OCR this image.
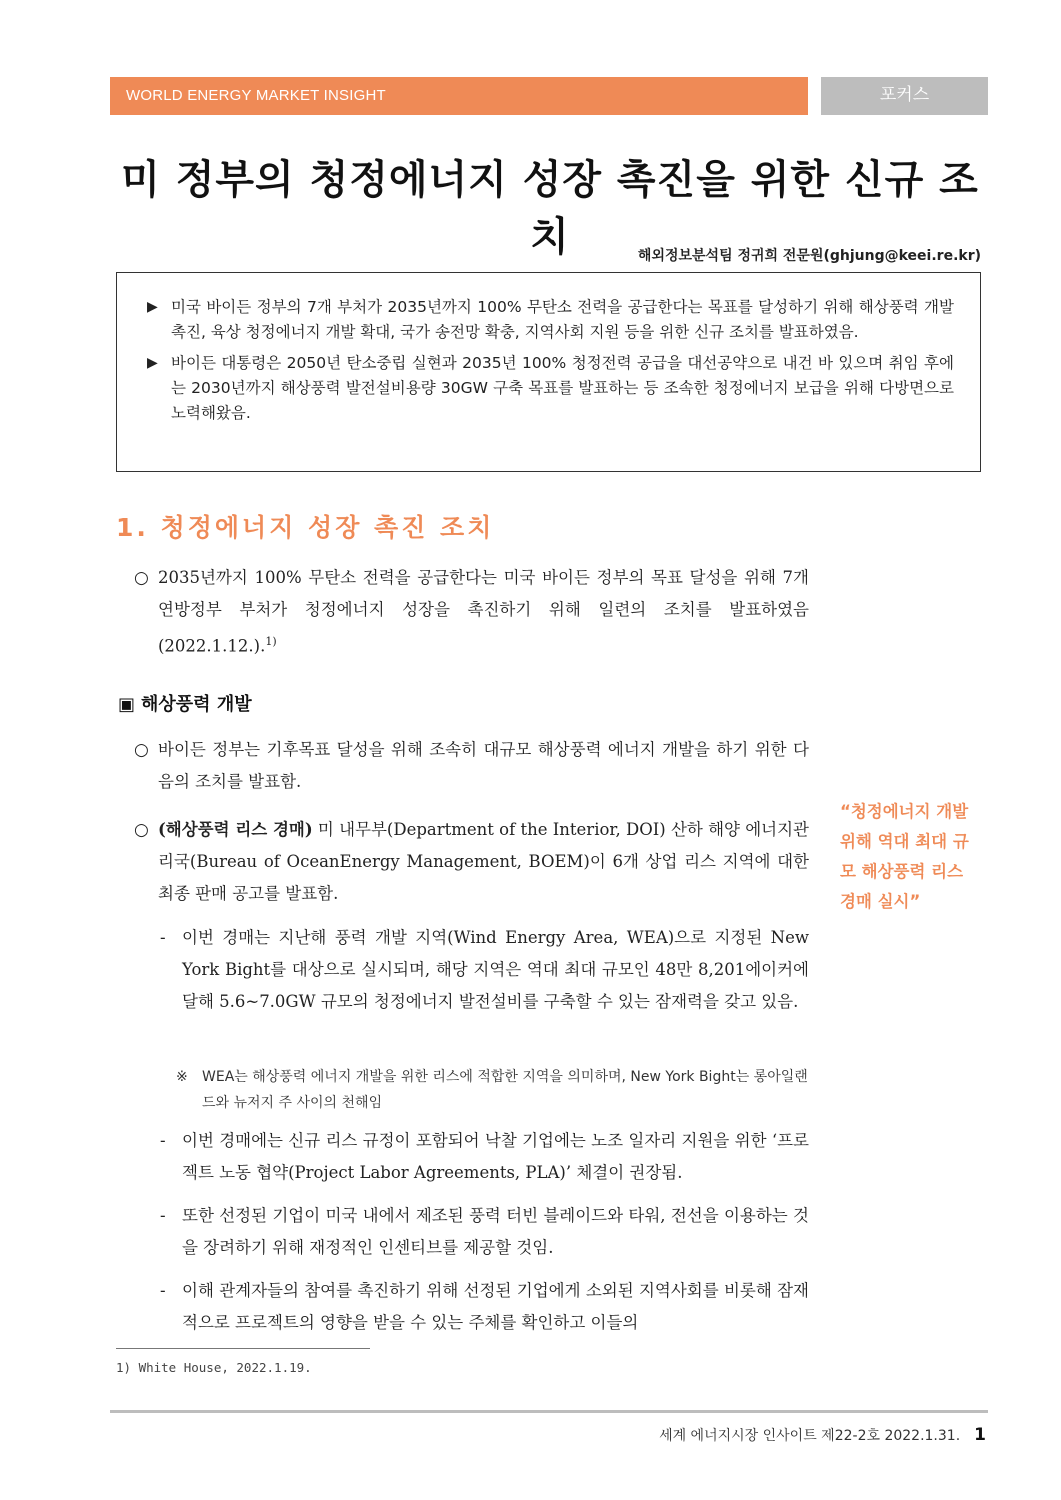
WORLD ENERGY MARKET INSIGHT	포커스
미 정부의 청정에너지 성장 촉진을 위한 신규 조치	해외정보분석팀 정귀희 전문원(ghjung@keei.re.kr)
▶ 미국 바이든 정부의 7개 부처가 2035년까지 100% 무탄소 전력을 공급한다는 목표를 달성하기 위해 해상풍력 개발 촉진, 육상 청정에너지 개발 확대, 국가 송전망 확충, 지역사회 지원 등을 위한 신규 조치를 발표하였음.
▶ 바이든 대통령은 2050년 탄소중립 실현과 2035년 100% 청정전력 공급을 대선공약으로 내건 바 있으며 취임 후에는 2030년까지 해상풍력 발전설비용량 30GW 구축 목표를 발표하는 등 조속한 청정에너지 보급을 위해 다방면으로 노력해왔음.
1. 청정에너지 성장 촉진 조치
○ 2035년까지 100% 무탄소 전력을 공급한다는 미국 바이든 정부의 목표 달성을 위해 7개 연방정부 부처가 청정에너지 성장을 촉진하기 위해 일련의 조치를 발표하였음(2022.1.12.).$^{1)}$
▣ 해상풍력 개발
○ 바이든 정부는 기후목표 달성을 위해 조속히 대규모 해상풍력 에너지 개발을 하기 위한 다음의 조치를 발표함.
○ (해상풍력 리스 경매) 미 내무부(Department of the Interior, DOI) 산하 해양 에너지관리국(Bureau of OceanEnergy Management, BOEM)이 6개 상업 리스 지역에 대한 최종 판매 공고를 발표함.
“청정에너지 개발 위해 역대 최대 규모 해상풍력 리스 경매 실시”
- 이번 경매는 지난해 풍력 개발 지역(Wind Energy Area, WEA)으로 지정된 New York Bight를 대상으로 실시되며, 해당 지역은 역대 최대 규모인 48만 8,201에이커에 달해 5.6~7.0GW 규모의 청정에너지 발전설비를 구축할 수 있는 잠재력을 갖고 있음.
※	WEA는 해상풍력 에너지 개발을 위한 리스에 적합한 지역을 의미하며, New York Bight는 롱아일랜드와 뉴저지 주 사이의 천해임
- 이번 경매에는 신규 리스 규정이 포함되어 낙찰 기업에는 노조 일자리 지원을 위한 ‘프로젝트 노동 협약(Project Labor Agreements, PLA)’ 체결이 권장됨.
- 또한 선정된 기업이 미국 내에서 제조된 풍력 터빈 블레이드와 타워, 전선을 이용하는 것을 장려하기 위해 재정적인 인센티브를 제공할 것임.
- 이해 관계자들의 참여를 촉진하기 위해 선정된 기업에게 소외된 지역사회를 비롯해 잠재적으로 프로젝트의 영향을 받을 수 있는 주체를 확인하고 이들의
1) White House, 2022.1.19.
세계 에너지시장 인사이트 제22-2호 2022.1.31. 1
